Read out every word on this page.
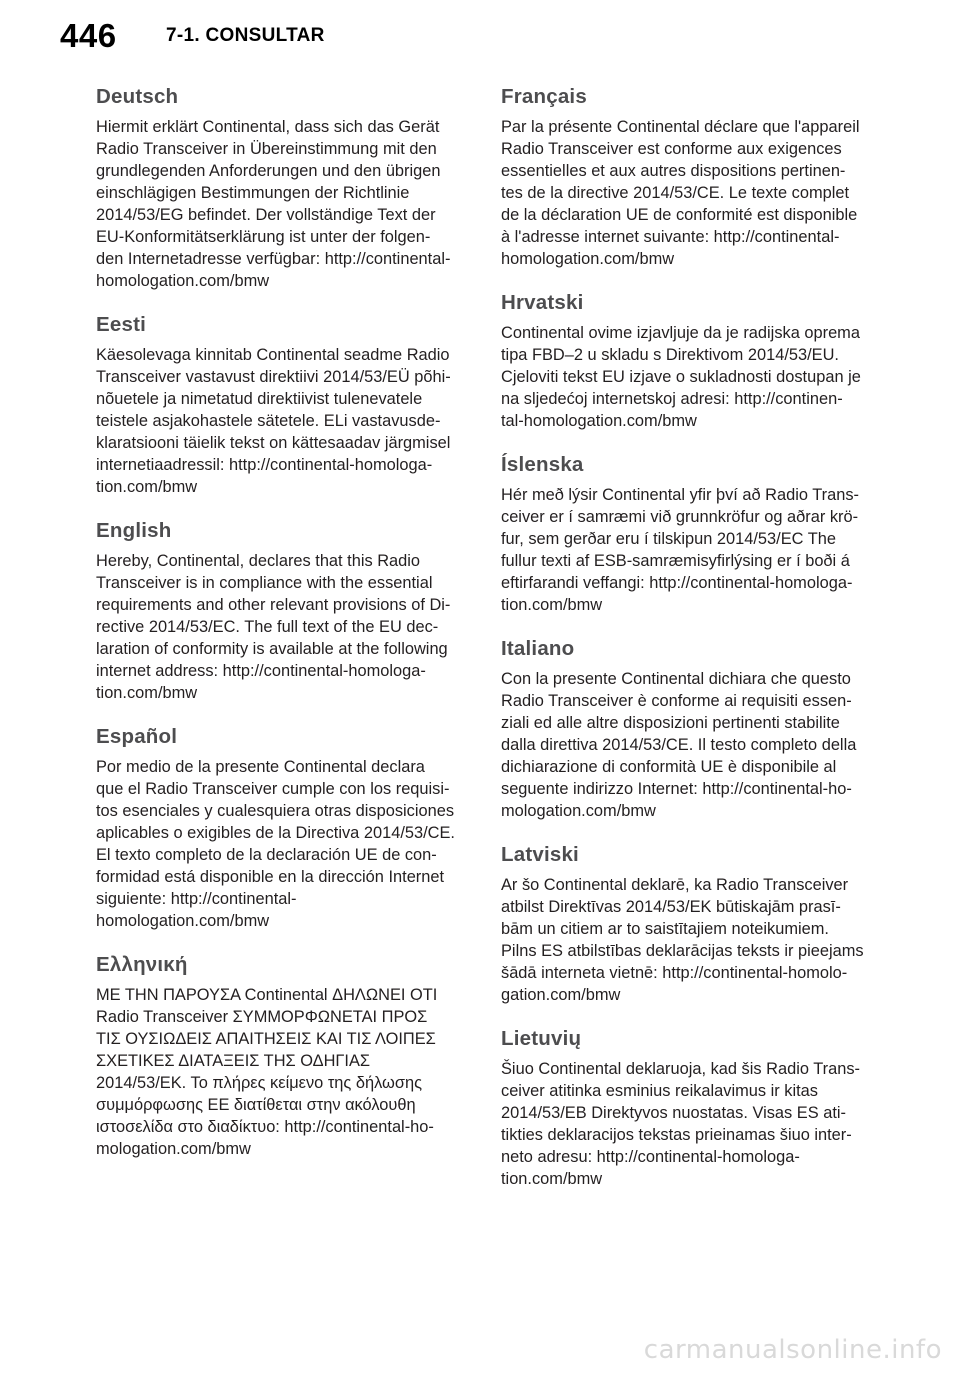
446	7-1. CONSULTAR
Deutsch
Hiermit erklärt Continental, dass sich das Gerät
Radio Transceiver in Übereinstimmung mit den
grundlegenden Anforderungen und den übrigen
einschlägigen Bestimmungen der Richtlinie
2014/53/EG befindet. Der vollständige Text der
EU-Konformitätserklärung ist unter der folgen-
den Internetadresse verfügbar: http://continental-
homologation.com/bmw
Eesti
Käesolevaga kinnitab Continental seadme Radio
Transceiver vastavust direktiivi 2014/53/EÜ põhi-
nõuetele ja nimetatud direktiivist tulenevatele
teistele asjakohastele sätetele. ELi vastavusde-
klaratsiooni täielik tekst on kättesaadav järgmisel
internetiaadressil: http://continental-homologa-
tion.com/bmw
English
Hereby, Continental, declares that this Radio
Transceiver is in compliance with the essential
requirements and other relevant provisions of Di-
rective 2014/53/EC. The full text of the EU dec-
laration of conformity is available at the following
internet address: http://continental-homologa-
tion.com/bmw
Español
Por medio de la presente Continental declara
que el Radio Transceiver cumple con los requisi-
tos esenciales y cualesquiera otras disposiciones
aplicables o exigibles de la Directiva 2014/53/CE.
El texto completo de la declaración UE de con-
formidad está disponible en la dirección Internet
siguiente: http://continental-
homologation.com/bmw
Ελληνική
ΜΕ ΤΗΝ ΠΑΡΟΥΣΑ Continental ΔΗΛΩΝΕΙ ΟΤΙ
Radio Transceiver ΣΥΜΜΟΡΦΩΝΕΤΑΙ ΠΡΟΣ
ΤΙΣ ΟΥΣΙΩΔΕΙΣ ΑΠΑΙΤΗΣΕΙΣ ΚΑΙ ΤΙΣ ΛΟΙΠΕΣ
ΣΧΕΤΙΚΕΣ ΔΙΑΤΑΞΕΙΣ ΤΗΣ ΟΔΗΓΙΑΣ
2014/53/ΕΚ. Το πλήρες κείμενο της δήλωσης
συμμόρφωσης ΕΕ διατίθεται στην ακόλουθη
ιστοσελίδα στο διαδίκτυο: http://continental-ho-
mologation.com/bmw
Français
Par la présente Continental déclare que l'appareil
Radio Transceiver est conforme aux exigences
essentielles et aux autres dispositions pertinen-
tes de la directive 2014/53/CE. Le texte complet
de la déclaration UE de conformité est disponible
à l'adresse internet suivante: http://continental-
homologation.com/bmw
Hrvatski
Continental ovime izjavljuje da je radijska oprema
tipa FBD–2 u skladu s Direktivom 2014/53/EU.
Cjeloviti tekst EU izjave o sukladnosti dostupan je
na sljedećoj internetskoj adresi: http://continen-
tal-homologation.com/bmw
Íslenska
Hér með lýsir Continental yfir því að Radio Trans-
ceiver er í samræmi við grunnkröfur og aðrar krö-
fur, sem gerðar eru í tilskipun 2014/53/EC The
fullur texti af ESB-samræmisyfirlýsing er í boði á
eftirfarandi veffangi: http://continental-homologa-
tion.com/bmw
Italiano
Con la presente Continental dichiara che questo
Radio Transceiver è conforme ai requisiti essen-
ziali ed alle altre disposizioni pertinenti stabilite
dalla direttiva 2014/53/CE. Il testo completo della
dichiarazione di conformità UE è disponibile al
seguente indirizzo Internet: http://continental-ho-
mologation.com/bmw
Latviski
Ar šo Continental deklarē, ka Radio Transceiver
atbilst Direktīvas 2014/53/EK būtiskajām prasī-
bām un citiem ar to saistītajiem noteikumiem.
Pilns ES atbilstības deklarācijas teksts ir pieejams
šādā interneta vietnē: http://continental-homolo-
gation.com/bmw
Lietuvių
Šiuo Continental deklaruoja, kad šis Radio Trans-
ceiver atitinka esminius reikalavimus ir kitas
2014/53/EB Direktyvos nuostatas. Visas ES ati-
tikties deklaracijos tekstas prieinamas šiuo inter-
neto adresu: http://continental-homologa-
tion.com/bmw
carmanualsonline.info
